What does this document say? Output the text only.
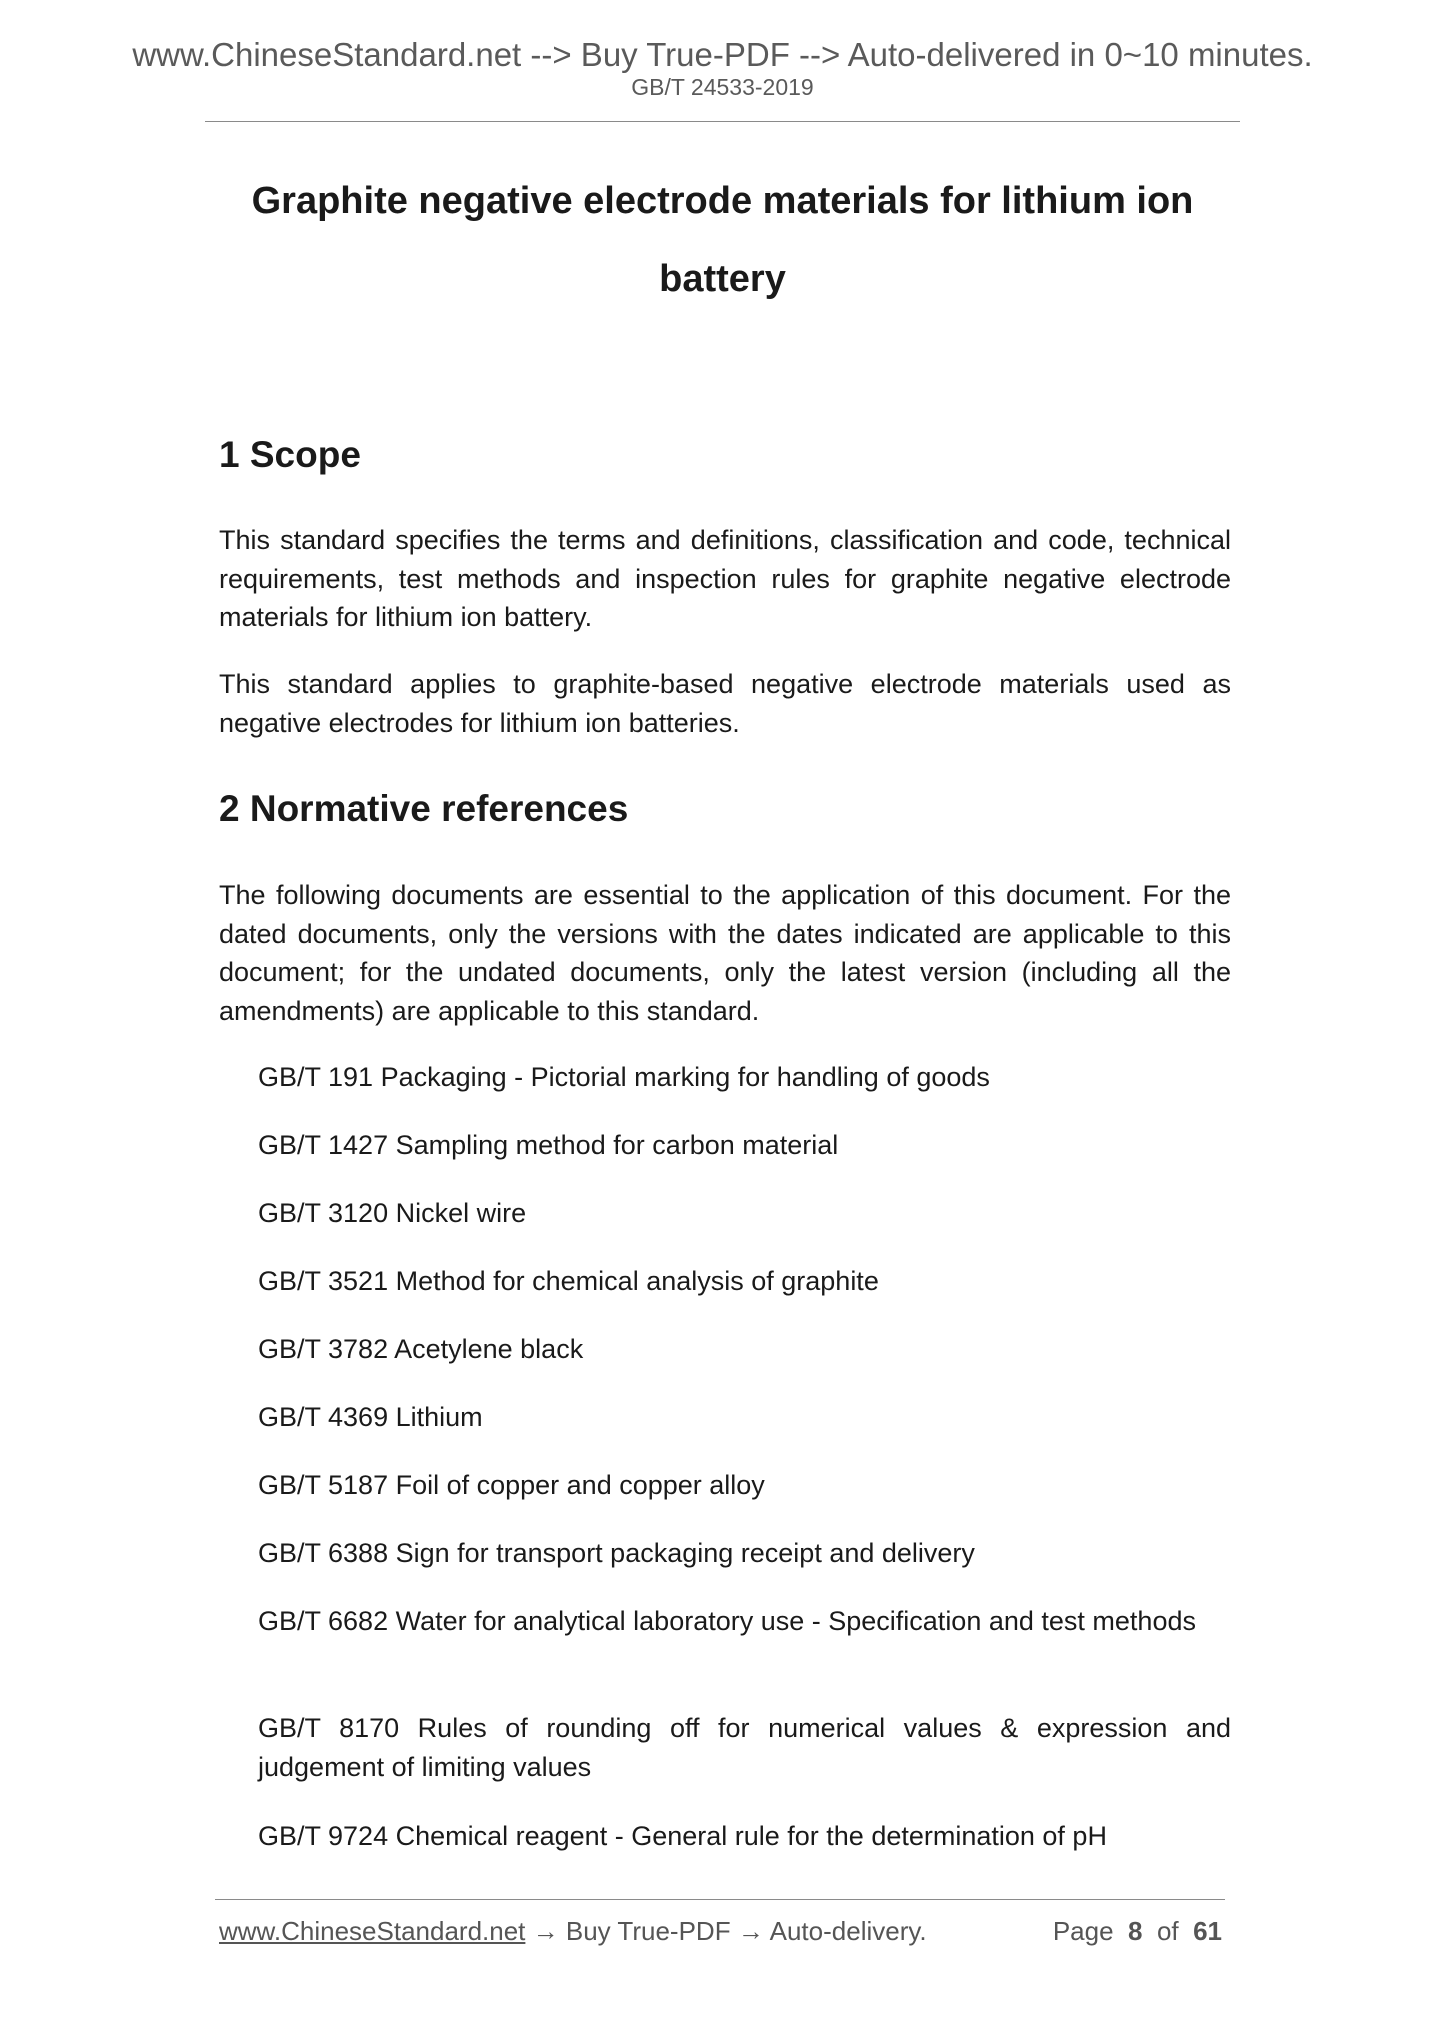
www.ChineseStandard.net --> Buy True-PDF --> Auto-delivered in 0~10 minutes.
GB/T 24533-2019
Graphite negative electrode materials for lithium ion battery
1 Scope

This standard specifies the terms and definitions, classification and code, technical requirements, test methods and inspection rules for graphite negative electrode materials for lithium ion battery.

This standard applies to graphite-based negative electrode materials used as negative electrodes for lithium ion batteries.

2 Normative references

The following documents are essential to the application of this document. For the dated documents, only the versions with the dates indicated are applicable to this document; for the undated documents, only the latest version (including all the amendments) are applicable to this standard.

GB/T 191 Packaging - Pictorial marking for handling of goods
GB/T 1427 Sampling method for carbon material
GB/T 3120 Nickel wire
GB/T 3521 Method for chemical analysis of graphite
GB/T 3782 Acetylene black
GB/T 4369 Lithium
GB/T 5187 Foil of copper and copper alloy
GB/T 6388 Sign for transport packaging receipt and delivery
GB/T 6682 Water for analytical laboratory use - Specification and test methods
GB/T 8170 Rules of rounding off for numerical values & expression and judgement of limiting values
GB/T 9724 Chemical reagent - General rule for the determination of pH
www.ChineseStandard.net → Buy True-PDF → Auto-delivery.	Page 8 of 61
